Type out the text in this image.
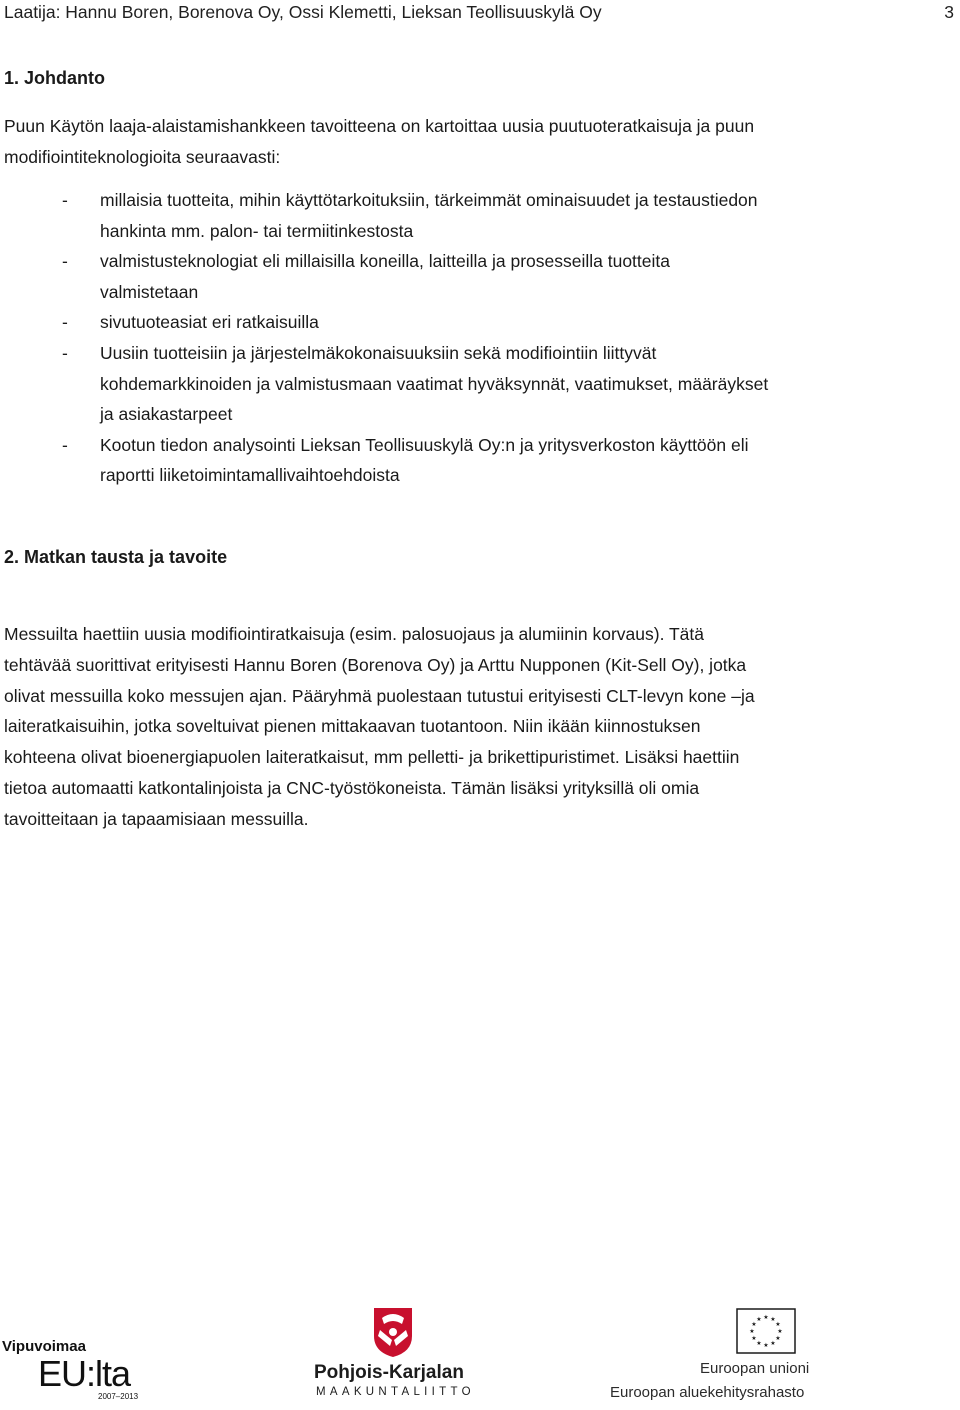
Laatija: Hannu Boren, Borenova Oy, Ossi Klemetti, Lieksan Teollisuuskylä Oy	3

1. Johdanto

Puun Käytön laaja-alaistamishankkeen tavoitteena on kartoittaa uusia puutuoteratkaisuja ja puun
modifiointiteknologioita seuraavasti:

- millaisia tuotteita, mihin käyttötarkoituksiin, tärkeimmät ominaisuudet ja testaustiedon
hankinta mm. palon- tai termiitinkestosta
- valmistusteknologiat eli millaisilla koneilla, laitteilla ja prosesseilla tuotteita
valmistetaan
- sivutuoteasiat eri ratkaisuilla
- Uusiin tuotteisiin ja järjestelmäkokonaisuuksiin sekä modifiointiin liittyvät
kohdemarkkinoiden ja valmistusmaan vaatimat hyväksynnät, vaatimukset, määräykset
ja asiakastarpeet
- Kootun tiedon analysointi Lieksan Teollisuuskylä Oy:n ja yritysverkoston käyttöön eli
raportti liiketoimintamallivaihtoehdoista

2. Matkan tausta ja tavoite

Messuilta haettiin uusia modifiointiratkaisuja (esim. palosuojaus ja alumiinin korvaus). Tätä
tehtävää suorittivat erityisesti Hannu Boren (Borenova Oy) ja Arttu Nupponen (Kit-Sell Oy), jotka
olivat messuilla koko messujen ajan. Pääryhmä puolestaan tutustui erityisesti CLT-levyn kone –ja
laiteratkaisuihin, jotka soveltuivat pienen mittakaavan tuotantoon. Niin ikään kiinnostuksen
kohteena olivat bioenergiapuolen laiteratkaisut, mm pelletti- ja brikettipuristimet. Lisäksi haettiin
tietoa automaatti katkontalinjoista ja CNC-työstökoneista. Tämän lisäksi yrityksillä oli omia
tavoitteitaan ja tapaamisiaan messuilla.

Vipuvoimaa
EU:lta
2007–2013
Pohjois-Karjalan
MAAKUNTALIITTO
★ ★
★
★
★
★
★
★
★
★
★
★
Euroopan unioni
Euroopan aluekehitysrahasto
